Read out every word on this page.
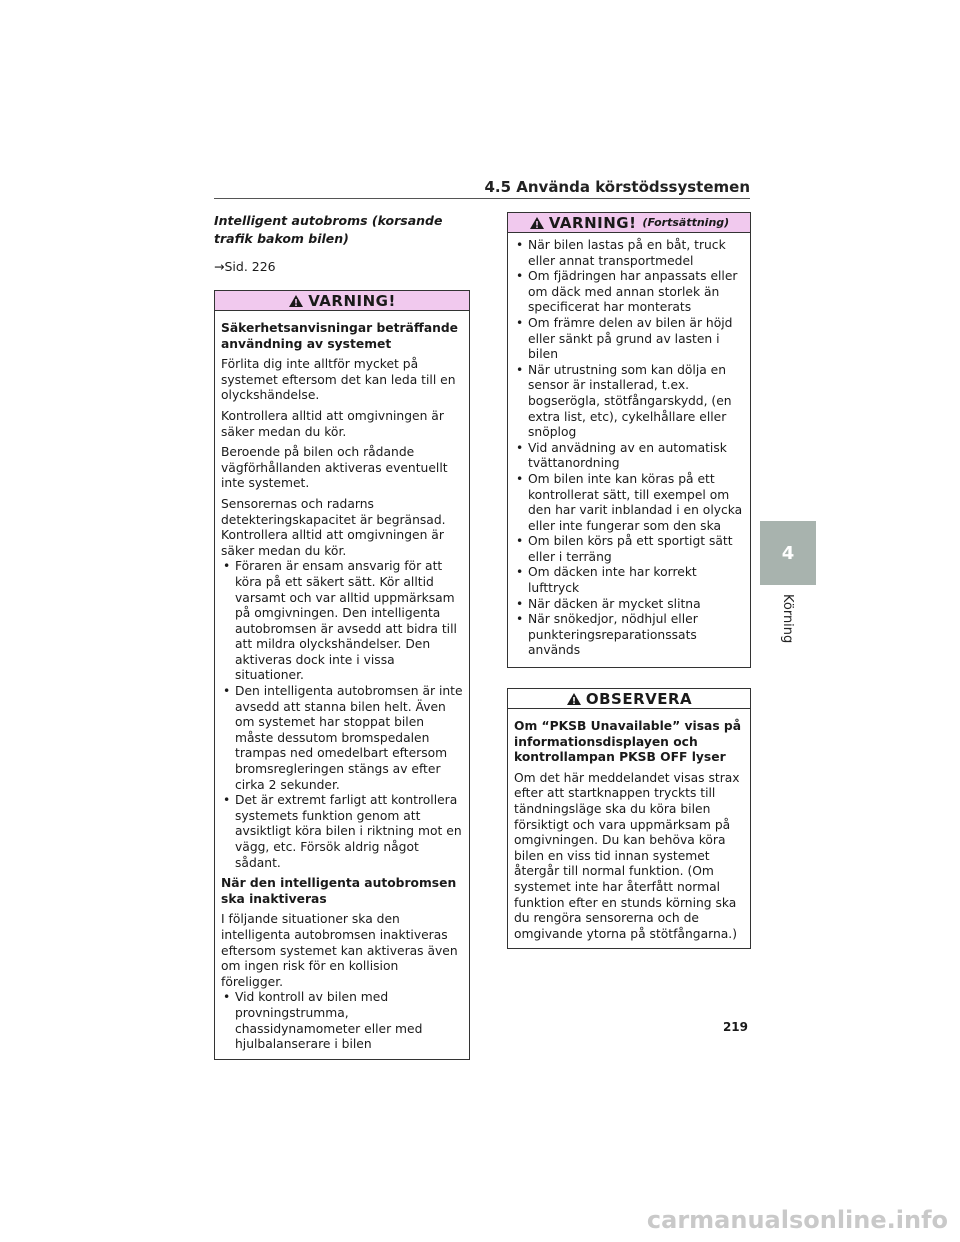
4.5 Använda körstödssystemen
Intelligent autobroms (korsande trafik bakom bilen)
→Sid. 226
VARNING!

Säkerhetsanvisningar beträffande användning av systemet

Förlita dig inte alltför mycket på systemet eftersom det kan leda till en olyckshändelse.

Kontrollera alltid att omgivningen är säker medan du kör.

Beroende på bilen och rådande vägförhållanden aktiveras eventuellt inte systemet.

Sensorernas och radarns detekteringskapacitet är begränsad. Kontrollera alltid att omgivningen är säker medan du kör.

• Föraren är ensam ansvarig för att köra på ett säkert sätt. Kör alltid varsamt och var alltid uppmärksam på omgivningen. Den intelligenta autobromsen är avsedd att bidra till att mildra olyckshändelser. Den aktiveras dock inte i vissa situationer.
• Den intelligenta autobromsen är inte avsedd att stanna bilen helt. Även om systemet har stoppat bilen måste dessutom bromspedalen trampas ned omedelbart eftersom bromsregleringen stängs av efter cirka 2 sekunder.
• Det är extremt farligt att kontrollera systemets funktion genom att avsiktligt köra bilen i riktning mot en vägg, etc. Försök aldrig något sådant.

När den intelligenta autobromsen ska inaktiveras

I följande situationer ska den intelligenta autobromsen inaktiveras eftersom systemet kan aktiveras även om ingen risk för en kollision föreligger.

• Vid kontroll av bilen med provningstrumma, chassidynamometer eller med hjulbalanserare i bilen
VARNING! (Fortsättning)
• När bilen lastas på en båt, truck eller annat transportmedel
• Om fjädringen har anpassats eller om däck med annan storlek än specificerat har monterats
• Om främre delen av bilen är höjd eller sänkt på grund av lasten i bilen
• När utrustning som kan dölja en sensor är installerad, t.ex. bogserögla, stötfångarskydd, (en extra list, etc), cykelhållare eller snöplog
• Vid anvädning av en automatisk tvättanordning
• Om bilen inte kan köras på ett kontrollerat sätt, till exempel om den har varit inblandad i en olycka eller inte fungerar som den ska
• Om bilen körs på ett sportigt sätt eller i terräng
• Om däcken inte har korrekt lufttryck
• När däcken är mycket slitna
• När snökedjor, nödhjul eller punkteringsreparationssats används
OBSERVERA

Om “PKSB Unavailable” visas på informationsdisplayen och kontrollampan PKSB OFF lyser

Om det här meddelandet visas strax efter att startknappen tryckts till tändningsläge ska du köra bilen försiktigt och vara uppmärksam på omgivningen. Du kan behöva köra bilen en viss tid innan systemet återgår till normal funktion. (Om systemet inte har återfått normal funktion efter en stunds körning ska du rengöra sensorerna och de omgivande ytorna på stötfångarna.)

4
Körning
219
carmanualsonline.info
